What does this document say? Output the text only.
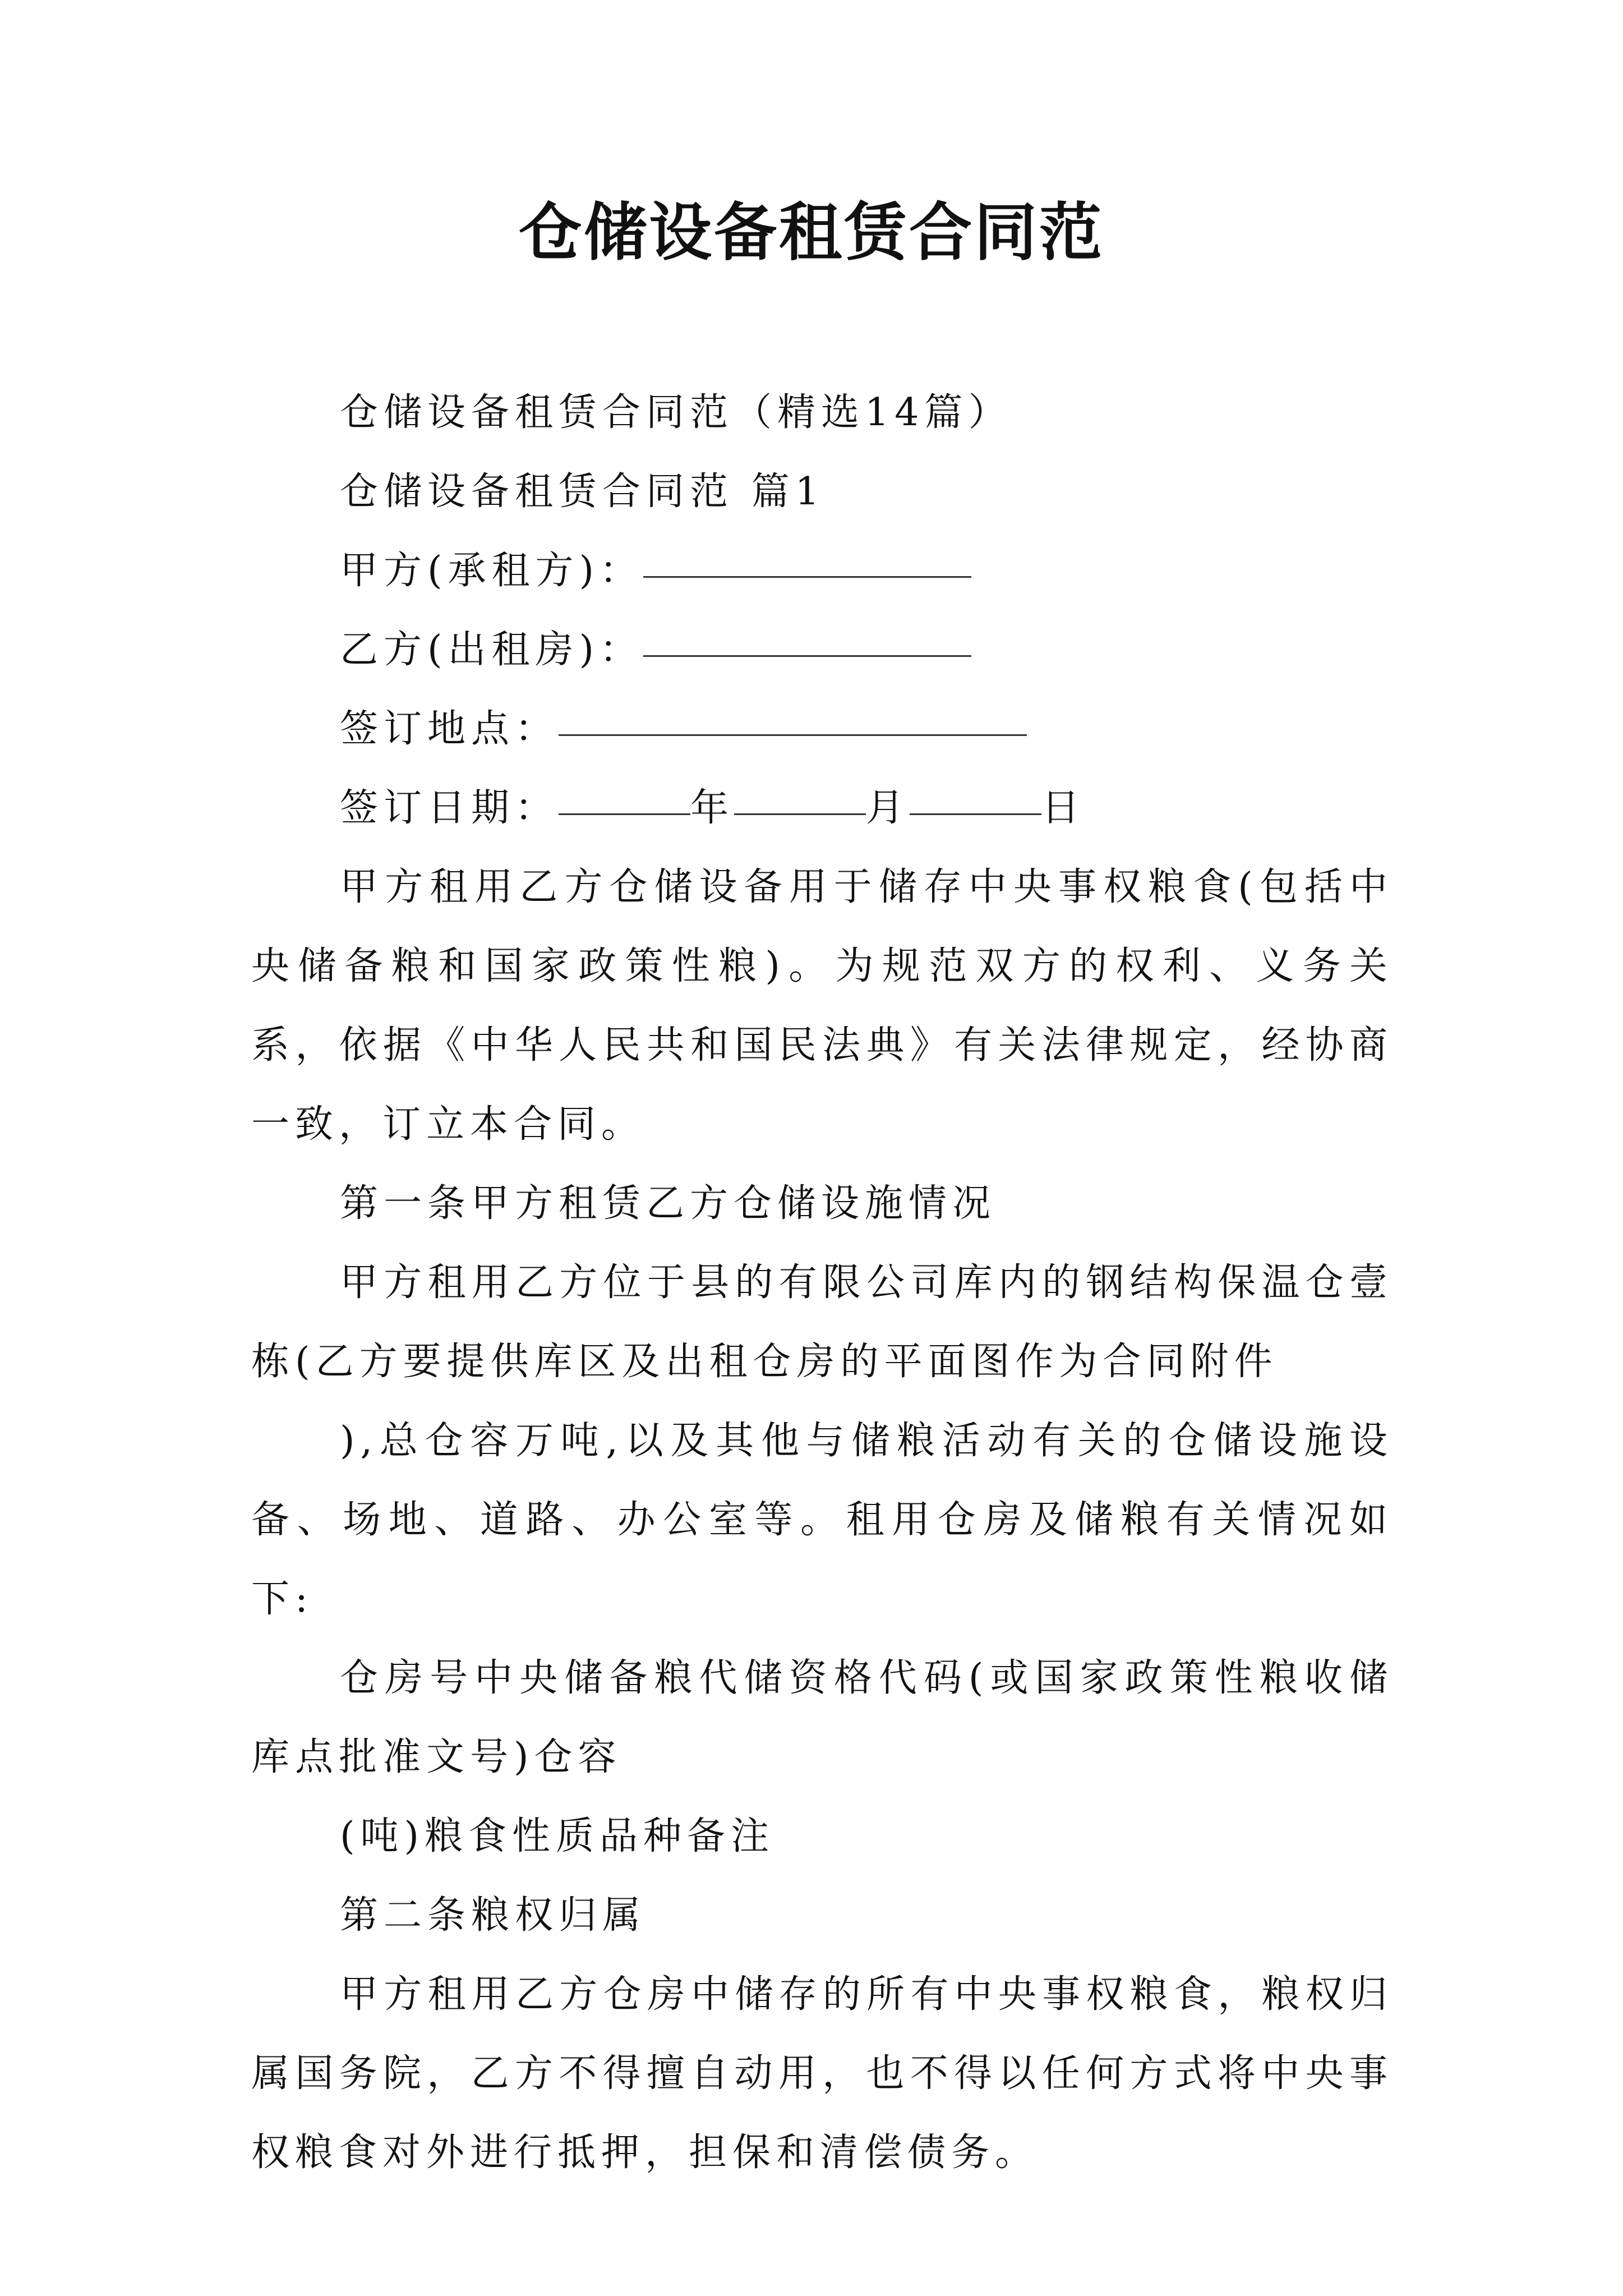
仓储设备租赁合同范

仓储设备租赁合同范（精选14篇）

仓储设备租赁合同范 篇1

甲方(承租方)：

乙方(出租房)：

签订地点：

签订日期：	年	月	日

甲方租用乙方仓储设备用于储存中央事权粮食(包括中央储备粮和国家政策性粮)。为规范双方的权利、义务关系，依据《中华人民共和国民法典》有关法律规定，经协商一致，订立本合同。

第一条甲方租赁乙方仓储设施情况

甲方租用乙方位于县的有限公司库内的钢结构保温仓壹栋(乙方要提供库区及出租仓房的平面图作为合同附件

),总仓容万吨,以及其他与储粮活动有关的仓储设施设备、场地、道路、办公室等。租用仓房及储粮有关情况如下:

仓房号中央储备粮代储资格代码(或国家政策性粮收储库点批准文号)仓容

(吨)粮食性质品种备注

第二条粮权归属

甲方租用乙方仓房中储存的所有中央事权粮食，粮权归属国务院，乙方不得擅自动用，也不得以任何方式将中央事权粮食对外进行抵押，担保和清偿债务。
